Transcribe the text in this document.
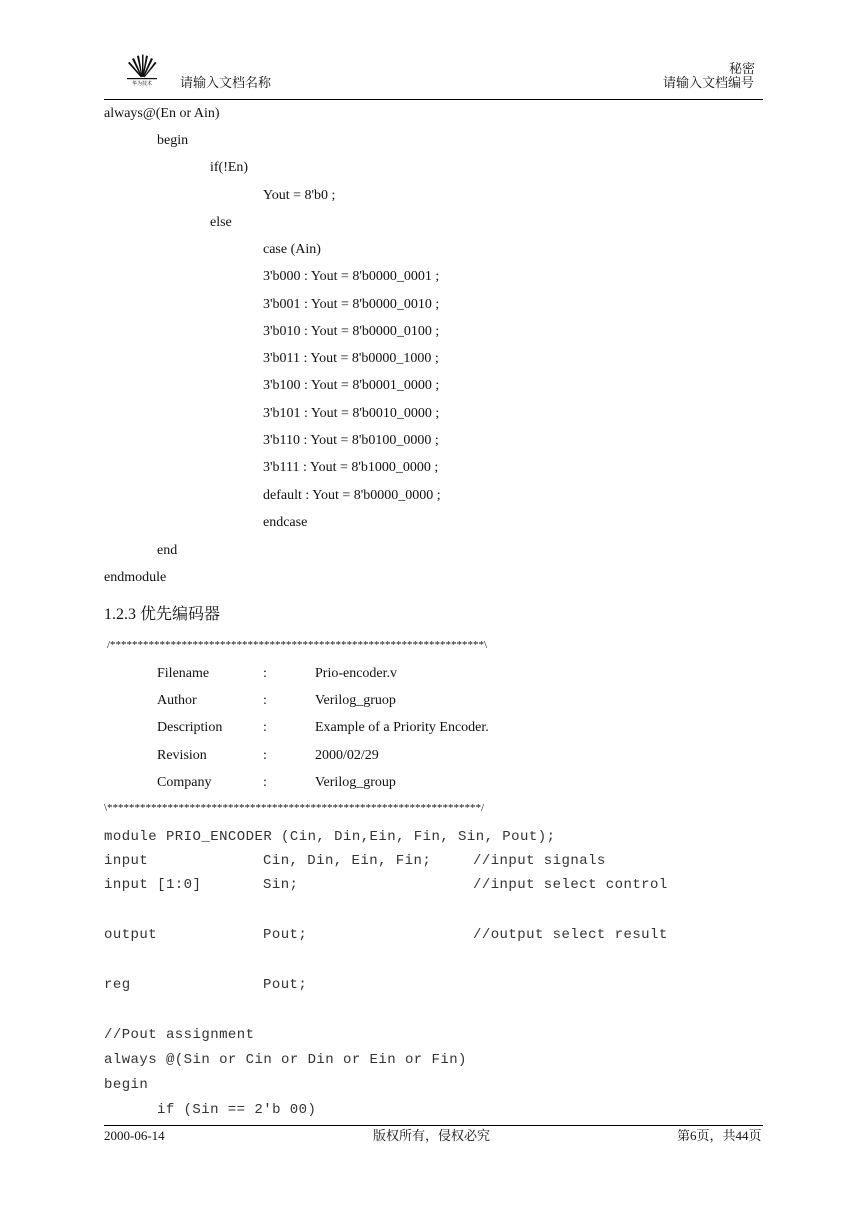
华为技术 请输入文档名称
秘密
请输入文档编号
always@(En or Ain)
begin
if(!En)
Yout = 8'b0 ;
else
case (Ain)
3'b000 : Yout = 8'b0000_0001 ;
3'b001 : Yout = 8'b0000_0010 ;
3'b010 : Yout = 8'b0000_0100 ;
3'b011 : Yout = 8'b0000_1000 ;
3'b100 : Yout = 8'b0001_0000 ;
3'b101 : Yout = 8'b0010_0000 ;
3'b110 : Yout = 8'b0100_0000 ;
3'b111 : Yout = 8'b1000_0000 ;
default : Yout = 8'b0000_0000 ;
endcase
end
endmodule
1.2.3 优先编码器
/********************************************************************\
Filename	:	Prio-encoder.v
Author	:	Verilog_gruop
Description	:	Example of a Priority Encoder.
Revision	:	2000/02/29
Company	:	Verilog_group
\********************************************************************/
module PRIO_ENCODER (Cin, Din,Ein, Fin, Sin, Pout);
input	Cin, Din, Ein, Fin;	//input signals
input [1:0]	Sin;	//input select control
output	Pout;	//output select result
reg	Pout;
//Pout assignment
always @(Sin or Cin or Din or Ein or Fin)
begin
if (Sin == 2'b 00)
2000-06-14	版权所有，侵权必究	第6页，共44页
